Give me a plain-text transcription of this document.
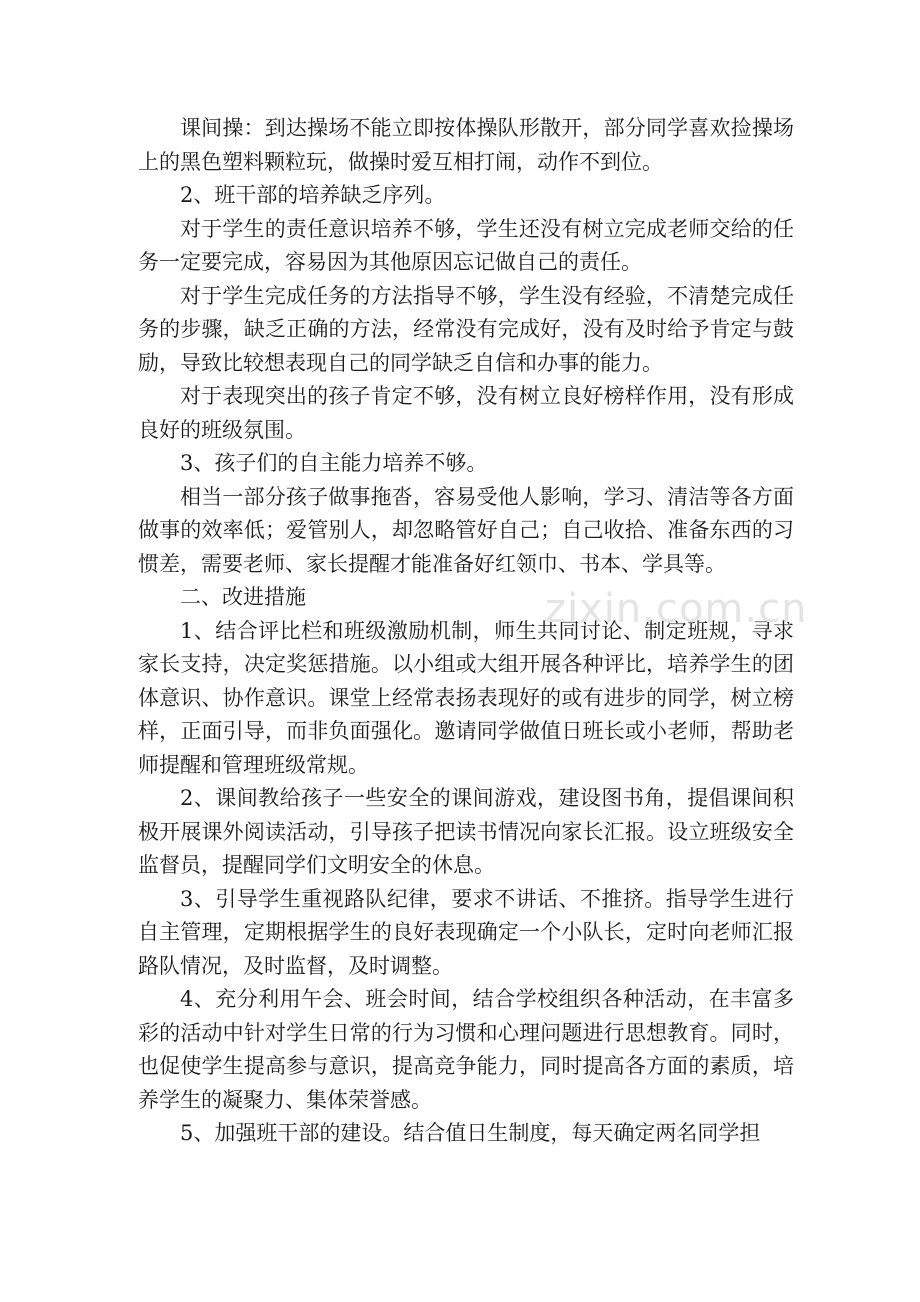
课间操：到达操场不能立即按体操队形散开，部分同学喜欢捡操场上的黑色塑料颗粒玩，做操时爱互相打闹，动作不到位。

2、班干部的培养缺乏序列。

对于学生的责任意识培养不够，学生还没有树立完成老师交给的任务一定要完成，容易因为其他原因忘记做自己的责任。

对于学生完成任务的方法指导不够，学生没有经验，不清楚完成任务的步骤，缺乏正确的方法，经常没有完成好，没有及时给予肯定与鼓励，导致比较想表现自己的同学缺乏自信和办事的能力。

对于表现突出的孩子肯定不够，没有树立良好榜样作用，没有形成良好的班级氛围。

3、孩子们的自主能力培养不够。

相当一部分孩子做事拖沓，容易受他人影响，学习、清洁等各方面做事的效率低；爱管别人，却忽略管好自己；自己收拾、准备东西的习惯差，需要老师、家长提醒才能准备好红领巾、书本、学具等。

二、改进措施

1、结合评比栏和班级激励机制，师生共同讨论、制定班规，寻求家长支持，决定奖惩措施。以小组或大组开展各种评比，培养学生的团体意识、协作意识。课堂上经常表扬表现好的或有进步的同学，树立榜样，正面引导，而非负面强化。邀请同学做值日班长或小老师，帮助老师提醒和管理班级常规。

2、课间教给孩子一些安全的课间游戏，建设图书角，提倡课间积极开展课外阅读活动，引导孩子把读书情况向家长汇报。设立班级安全监督员，提醒同学们文明安全的休息。

3、引导学生重视路队纪律，要求不讲话、不推挤。指导学生进行自主管理，定期根据学生的良好表现确定一个小队长，定时向老师汇报路队情况，及时监督，及时调整。

4、充分利用午会、班会时间，结合学校组织各种活动，在丰富多彩的活动中针对学生日常的行为习惯和心理问题进行思想教育。同时，也促使学生提高参与意识，提高竞争能力，同时提高各方面的素质，培养学生的凝聚力、集体荣誉感。

5、加强班干部的建设。结合值日生制度，每天确定两名同学担

zixin.com.cn
